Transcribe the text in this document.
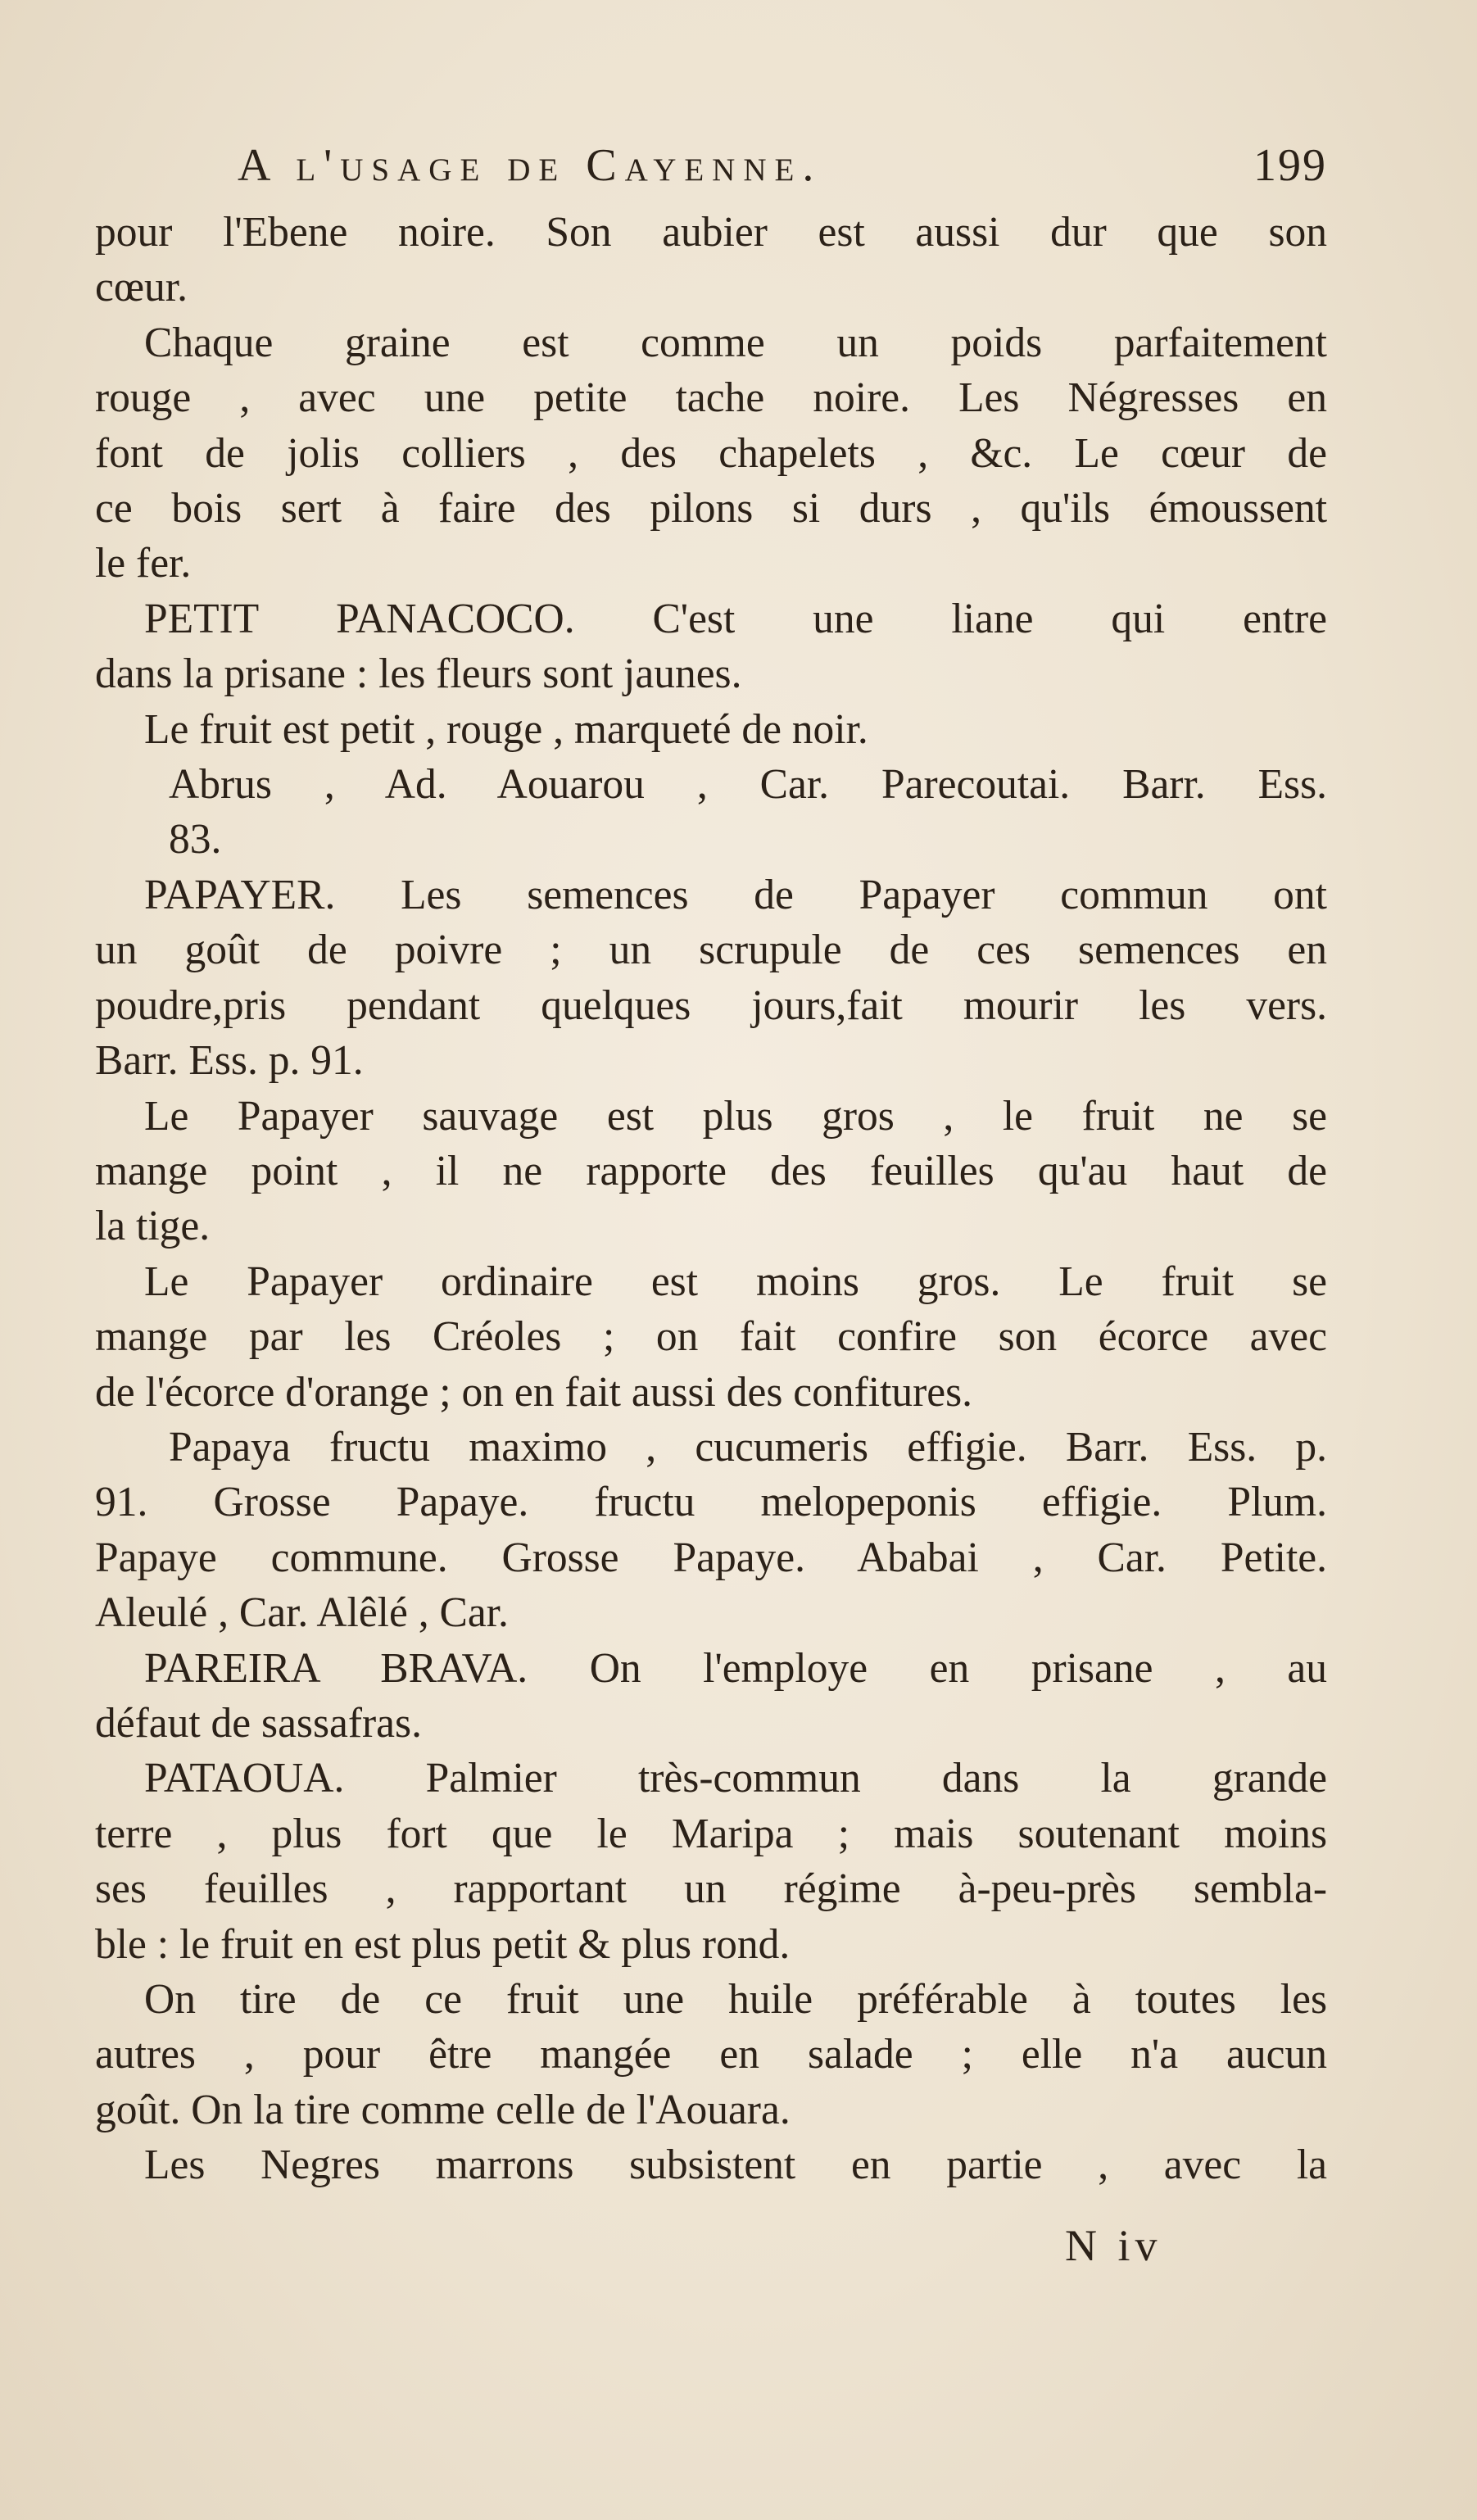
A l'usage de Cayenne.	199
pour l'Ebene noire. Son aubier est aussi dur que son
cœur.
Chaque graine est comme un poids parfaitement
rouge , avec une petite tache noire. Les Négresses en
font de jolis colliers , des chapelets , &c. Le cœur de
ce bois sert à faire des pilons si durs , qu'ils émoussent
le fer.
PETIT PANACOCO. C'est une liane qui entre
dans la prisane : les fleurs sont jaunes.
Le fruit est petit , rouge , marqueté de noir.
Abrus , Ad. Aouarou , Car. Parecoutai. Barr. Ess.
83.
PAPAYER. Les semences de Papayer commun ont
un goût de poivre ; un scrupule de ces semences en
poudre,pris pendant quelques jours,fait mourir les vers.
Barr. Ess. p. 91.
Le Papayer sauvage est plus gros , le fruit ne se
mange point , il ne rapporte des feuilles qu'au haut de
la tige.
Le Papayer ordinaire est moins gros. Le fruit se
mange par les Créoles ; on fait confire son écorce avec
de l'écorce d'orange ; on en fait aussi des confitures.
Papaya fructu maximo , cucumeris effigie. Barr. Ess. p.
91. Grosse Papaye. fructu melopeponis effigie. Plum.
Papaye commune. Grosse Papaye. Ababai , Car. Petite.
Aleulé , Car. Alêlé , Car.
PAREIRA BRAVA. On l'employe en prisane , au
défaut de sassafras.
PATAOUA. Palmier très-commun dans la grande
terre , plus fort que le Maripa ; mais soutenant moins
ses feuilles , rapportant un régime à-peu-près sembla-
ble : le fruit en est plus petit & plus rond.
On tire de ce fruit une huile préférable à toutes les
autres , pour être mangée en salade ; elle n'a aucun
goût. On la tire comme celle de l'Aouara.
Les Negres marrons subsistent en partie , avec la
N iv
